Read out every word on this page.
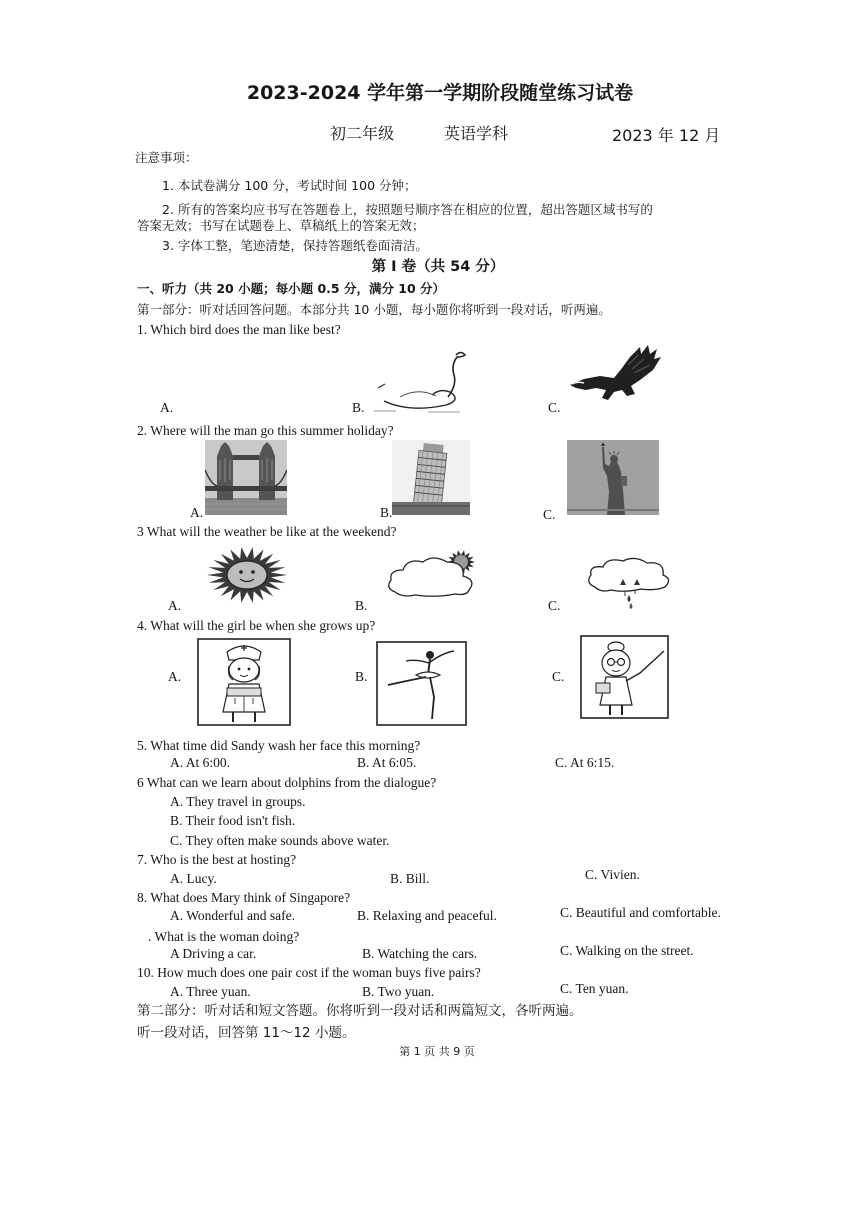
2023-2024 学年第一学期阶段随堂练习试卷
初二年级	英语学科	2023 年 12 月
注意事项：
1. 本试卷满分 100 分，考试时间 100 分钟；
2. 所有的答案均应书写在答题卷上，按照题号顺序答在相应的位置，超出答题区域书写的
答案无效；书写在试题卷上、草稿纸上的答案无效；
3. 字体工整，笔迹清楚，保持答题纸卷面清洁。
第 I 卷（共 54 分）
一、听力（共 20 小题；每小题 0.5 分，满分 10 分）
第一部分：听对话回答问题。本部分共 10 小题，每小题你将听到一段对话，听两遍。
1. Which bird does the man like best?
A.	B.	C.
2. Where will the man go this summer holiday?
A.	B.	C.
3 What will the weather be like at the weekend?
A.	B.	C.
4. What will the girl be when she grows up?
A.	B.	C.
5. What time did Sandy wash her face this morning?
A. At 6:00.	B. At 6:05.	C. At 6:15.
6 What can we learn about dolphins from the dialogue?
A. They travel in groups.
B. Their food isn't fish.
C. They often make sounds above water.
7. Who is the best at hosting?
A. Lucy.	B. Bill.	C. Vivien.
8. What does Mary think of Singapore?
A. Wonderful and safe.	B. Relaxing and peaceful.	C. Beautiful and comfortable.
. What is the woman doing?
A Driving a car.	B. Watching the cars.	C. Walking on the street.
10. How much does one pair cost if the woman buys five pairs?
A. Three yuan.	B. Two yuan.	C. Ten yuan.
第二部分：听对话和短文答题。你将听到一段对话和两篇短文，各听两遍。
听一段对话，回答第 11～12 小题。
第 1 页 共 9 页
